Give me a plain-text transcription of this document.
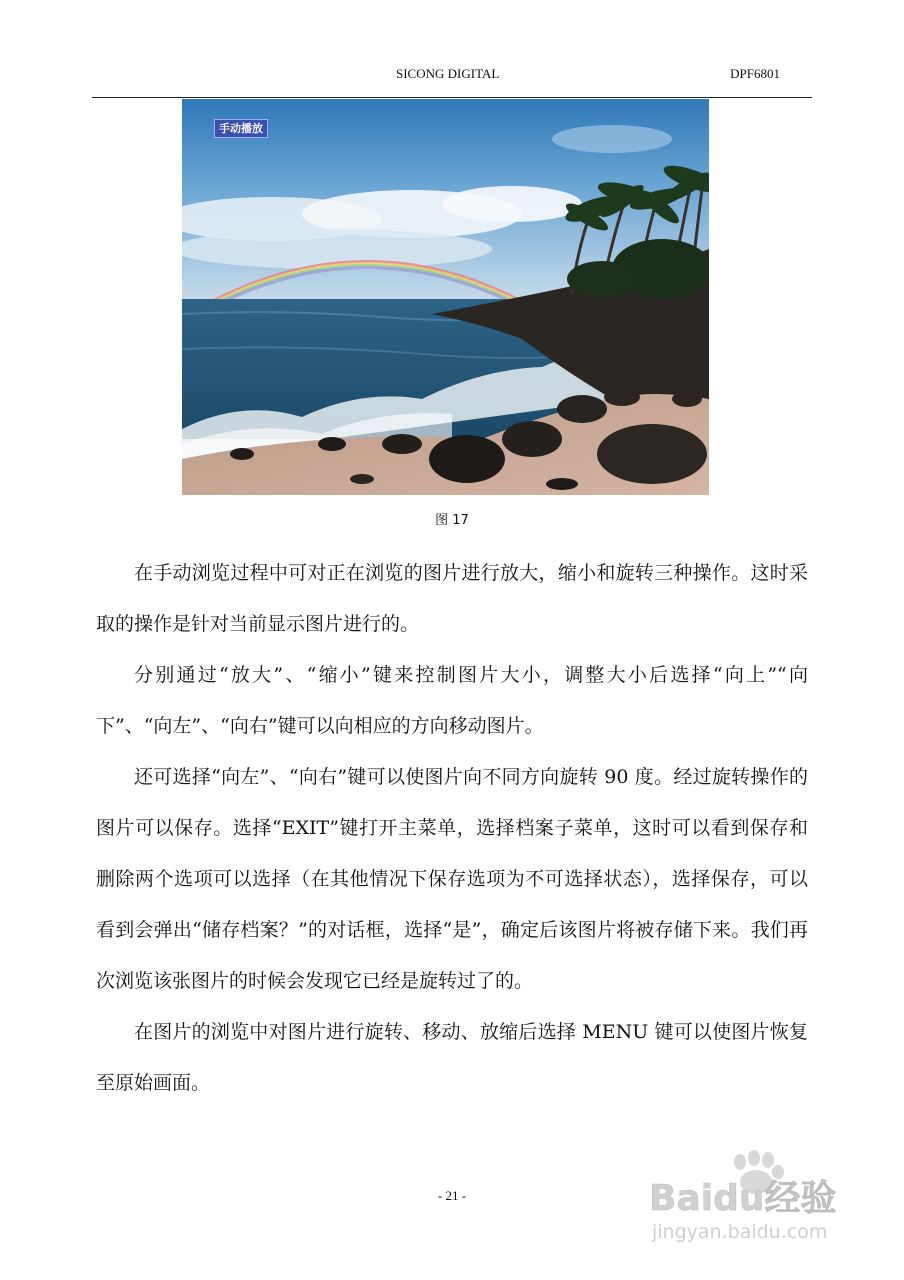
SICONG DIGITAL	DPF6801
手动播放
图 17

在手动浏览过程中可对正在浏览的图片进行放大，缩小和旋转三种操作。这时采取的操作是针对当前显示图片进行的。

分别通过“放大”、“缩小”键来控制图片大小，调整大小后选择“向上”“向下”、“向左”、“向右”键可以向相应的方向移动图片。

还可选择“向左”、“向右”键可以使图片向不同方向旋转 90 度。经过旋转操作的图片可以保存。选择“EXIT”键打开主菜单，选择档案子菜单，这时可以看到保存和删除两个选项可以选择（在其他情况下保存选项为不可选择状态），选择保存，可以看到会弹出“储存档案？”的对话框，选择“是”，确定后该图片将被存储下来。我们再次浏览该张图片的时候会发现它已经是旋转过了的。

在图片的浏览中对图片进行旋转、移动、放缩后选择 MENU 键可以使图片恢复至原始画面。

- 21 -	Baidu经验
jingyan.baidu.com
